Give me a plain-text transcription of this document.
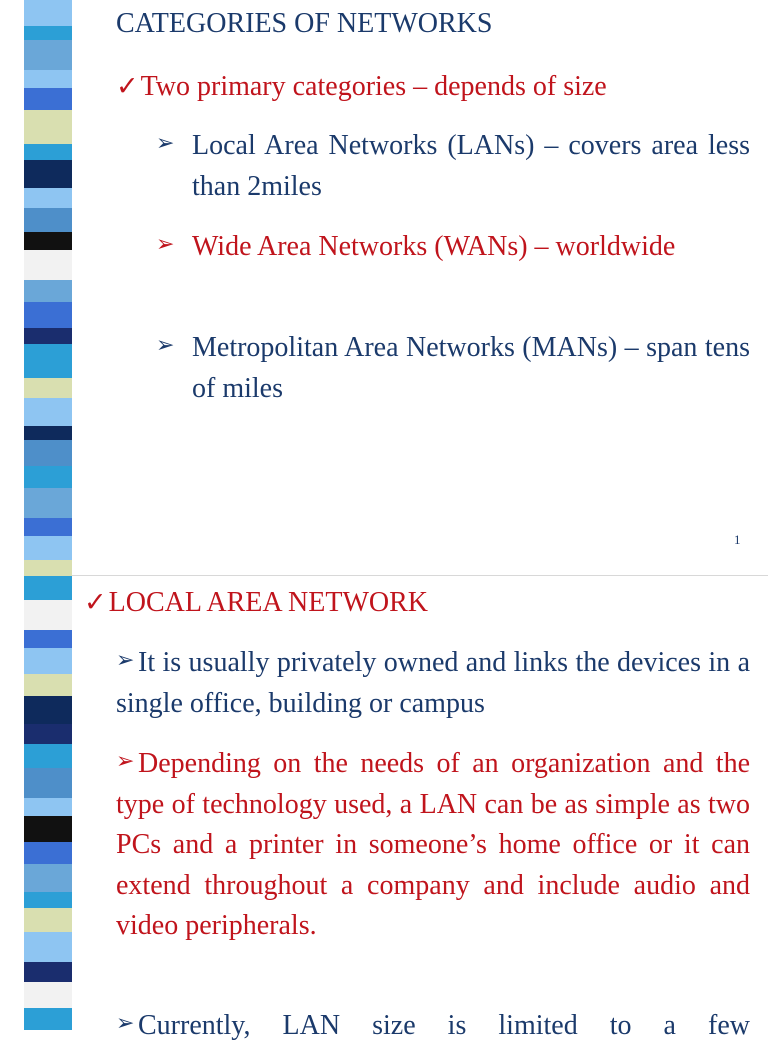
CATEGORIES OF NETWORKS
✓Two primary categories – depends of size
➢ Local Area Networks (LANs) – covers area less than 2miles
➢ Wide Area Networks (WANs) – worldwide
➢ Metropolitan Area Networks (MANs) – span tens of miles
1
✓LOCAL AREA NETWORK
➢ It is usually privately owned and links the devices in a single office, building or campus
➢ Depending on the needs of an organization and the type of technology used, a LAN can be as simple as two PCs and a printer in someone’s home office or it can extend throughout a company and include audio and video peripherals.
➢ Currently, LAN size is limited to a few
